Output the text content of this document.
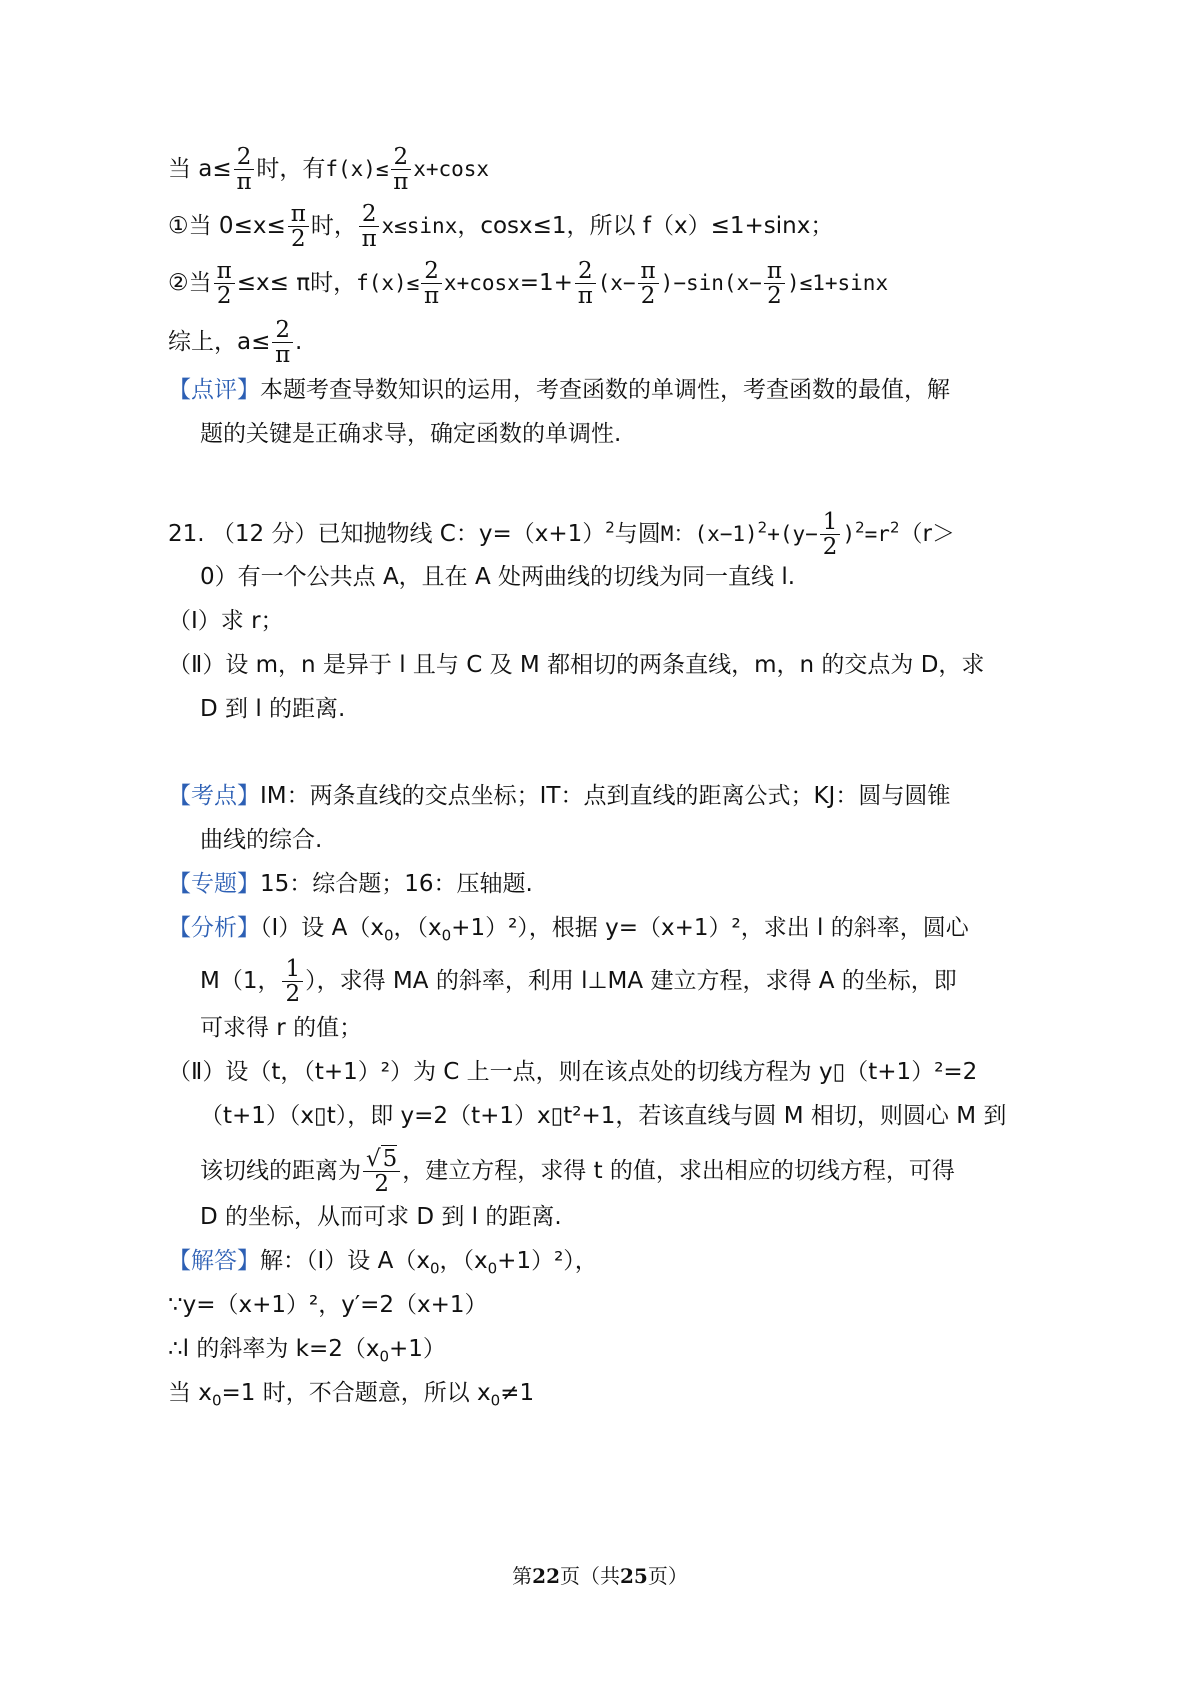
当 $a\le \frac{2}{\pi}$ 时，有$f(x)\le \frac{2}{\pi} x+\cos x$
①当 $0\le x\le \frac{\pi}{2}$ 时， $\frac{2}{\pi} x\le\sin x$，cosx≤1，所以 f（x）≤1+sinx；
②当 $\frac{\pi}{2} \le x\le \pi$时，$f(x)\le \frac{2}{\pi} x+\cos x=1+ \frac{2}{\pi} (x- \frac{\pi}{2} )-\sin(x- \frac{\pi}{2} )\le 1+\sin x$
综上，$a\le \frac{2}{\pi}$ .
【点评】本题考查导数知识的运用，考查函数的单调性，考查函数的最值，解
题的关键是正确求导，确定函数的单调性.
21. （12 分）已知抛物线 C：$y=(x+1)^2$与圆M：$(x-1)^2+(y- \frac{1}{2} )^2=r^2(r>$
0）有一个公共点 A，且在 A 处两曲线的切线为同一直线 l.
（Ⅰ）求 r；
（Ⅱ）设 m，n 是异于 l 且与 C 及 M 都相切的两条直线，m，n 的交点为 D，求
D 到 l 的距离.
【考点】IM：两条直线的交点坐标；IT：点到直线的距离公式；KJ：圆与圆锥
曲线的综合.
【专题】15：综合题；16：压轴题.
【分析】（Ⅰ）设 $A(x_0$，$(x_0+1)^2$），根据 y=（x+1）²，求出 l 的斜率，圆心
M（1， $\frac{1}{2}$ ），求得 MA 的斜率，利用 l⊥MA 建立方程，求得 A 的坐标，即
可求得 r 的值；
（Ⅱ）设（t，（t+1）²）为 C 上一点，则在该点处的切线方程为 y▯（t+1）²=2
（t+1）（x▯t），即 y=2（t+1）x▯t²+1，若该直线与圆 M 相切，则圆心 M 到
该切线的距离为 $\frac{√5}{2}$ ，建立方程，求得 t 的值，求出相应的切线方程，可得
D 的坐标，从而可求 D 到 l 的距离.
【解答】解：（Ⅰ）设 $A(x_0$，$(x_0+1)^2$），
∵y=（x+1）²，y′=2（x+1）
∴l 的斜率为 $k=2(x_0+1)$
当 $x_0=1$ 时，不合题意，所以 $x_0\ne 1$
第22页（共25页）
